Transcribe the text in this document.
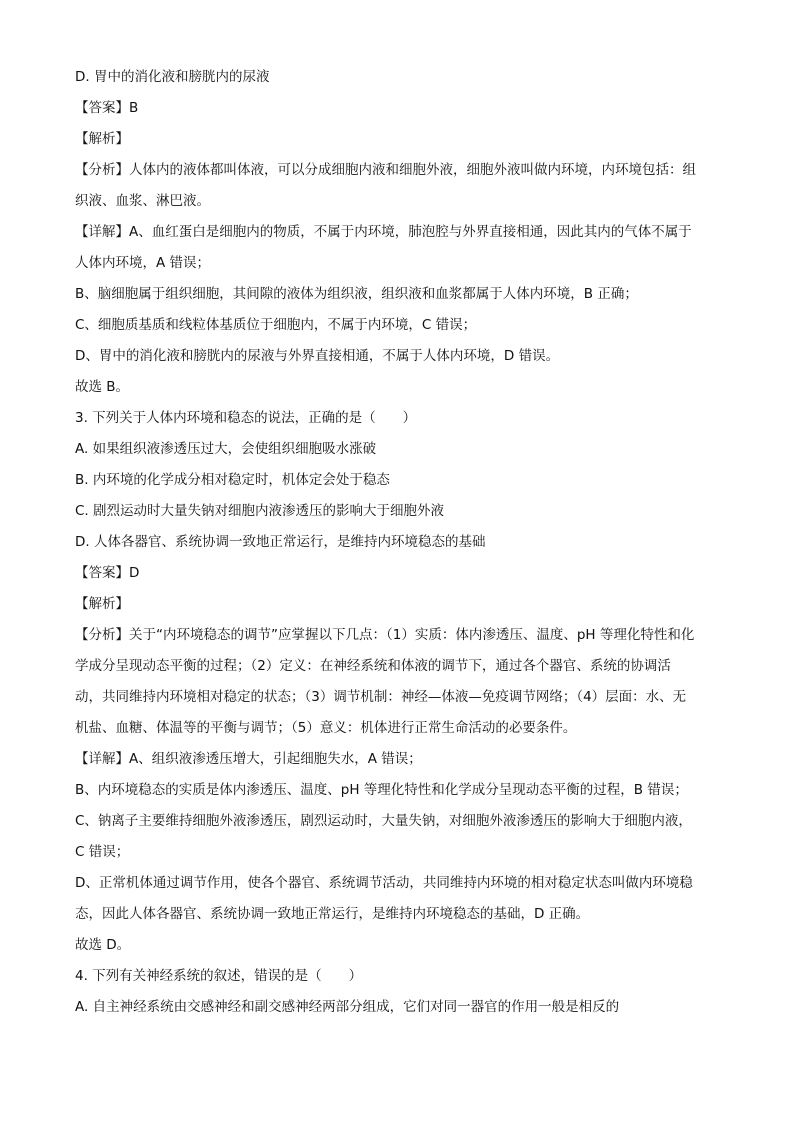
D. 胃中的消化液和膀胱内的尿液
【答案】B
【解析】
【分析】人体内的液体都叫体液，可以分成细胞内液和细胞外液，细胞外液叫做内环境，内环境包括：组
织液、血浆、淋巴液。
【详解】A、血红蛋白是细胞内的物质，不属于内环境，肺泡腔与外界直接相通，因此其内的气体不属于
人体内环境，A 错误；
B、脑细胞属于组织细胞，其间隙的液体为组织液，组织液和血浆都属于人体内环境，B 正确；
C、细胞质基质和线粒体基质位于细胞内，不属于内环境，C 错误；
D、胃中的消化液和膀胱内的尿液与外界直接相通，不属于人体内环境，D 错误。
故选 B。
3. 下列关于人体内环境和稳态的说法，正确的是（　　）
A. 如果组织液渗透压过大，会使组织细胞吸水涨破
B. 内环境的化学成分相对稳定时，机体定会处于稳态
C. 剧烈运动时大量失钠对细胞内液渗透压的影响大于细胞外液
D. 人体各器官、系统协调一致地正常运行，是维持内环境稳态的基础
【答案】D
【解析】
【分析】关于“内环境稳态的调节”应掌握以下几点：（1）实质：体内渗透压、温度、pH 等理化特性和化
学成分呈现动态平衡的过程；（2）定义：在神经系统和体液的调节下，通过各个器官、系统的协调活
动，共同维持内环境相对稳定的状态；（3）调节机制：神经—体液—免疫调节网络；（4）层面：水、无
机盐、血糖、体温等的平衡与调节；（5）意义：机体进行正常生命活动的必要条件。
【详解】A、组织液渗透压增大，引起细胞失水，A 错误；
B、内环境稳态的实质是体内渗透压、温度、pH 等理化特性和化学成分呈现动态平衡的过程，B 错误；
C、钠离子主要维持细胞外液渗透压，剧烈运动时，大量失钠，对细胞外液渗透压的影响大于细胞内液，
C 错误；
D、正常机体通过调节作用，使各个器官、系统调节活动，共同维持内环境的相对稳定状态叫做内环境稳
态，因此人体各器官、系统协调一致地正常运行，是维持内环境稳态的基础，D 正确。
故选 D。
4. 下列有关神经系统的叙述，错误的是（　　）
A. 自主神经系统由交感神经和副交感神经两部分组成，它们对同一器官的作用一般是相反的
